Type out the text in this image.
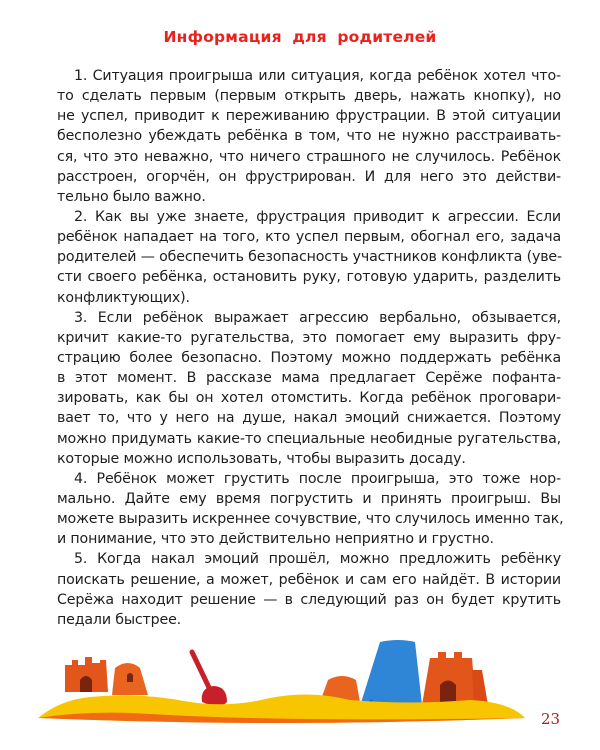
Информация для родителей
1. Ситуация проигрыша или ситуация, когда ребёнок хотел что-
то сделать первым (первым открыть дверь, нажать кнопку), но
не успел, приводит к переживанию фрустрации. В этой ситуации
бесполезно убеждать ребёнка в том, что не нужно расстраивать-
ся, что это неважно, что ничего страшного не случилось. Ребёнок
расстроен, огорчён, он фрустрирован. И для него это действи-
тельно было важно.
2. Как вы уже знаете, фрустрация приводит к агрессии. Если
ребёнок нападает на того, кто успел первым, обогнал его, задача
родителей — обеспечить безопасность участников конфликта (уве-
сти своего ребёнка, остановить руку, готовую ударить, разделить
конфликтующих).
3. Если ребёнок выражает агрессию вербально, обзывается,
кричит какие-то ругательства, это помогает ему выразить фру-
страцию более безопасно. Поэтому можно поддержать ребёнка
в этот момент. В рассказе мама предлагает Серёже пофанта-
зировать, как бы он хотел отомстить. Когда ребёнок проговари-
вает то, что у него на душе, накал эмоций снижается. Поэтому
можно придумать какие-то специальные необидные ругательства,
которые можно использовать, чтобы выразить досаду.
4. Ребёнок может грустить после проигрыша, это тоже нор-
мально. Дайте ему время погрустить и принять проигрыш. Вы
можете выразить искреннее сочувствие, что случилось именно так,
и понимание, что это действительно неприятно и грустно.
5. Когда накал эмоций прошёл, можно предложить ребёнку
поискать решение, а может, ребёнок и сам его найдёт. В истории
Серёжа находит решение — в следующий раз он будет крутить
педали быстрее.
23
